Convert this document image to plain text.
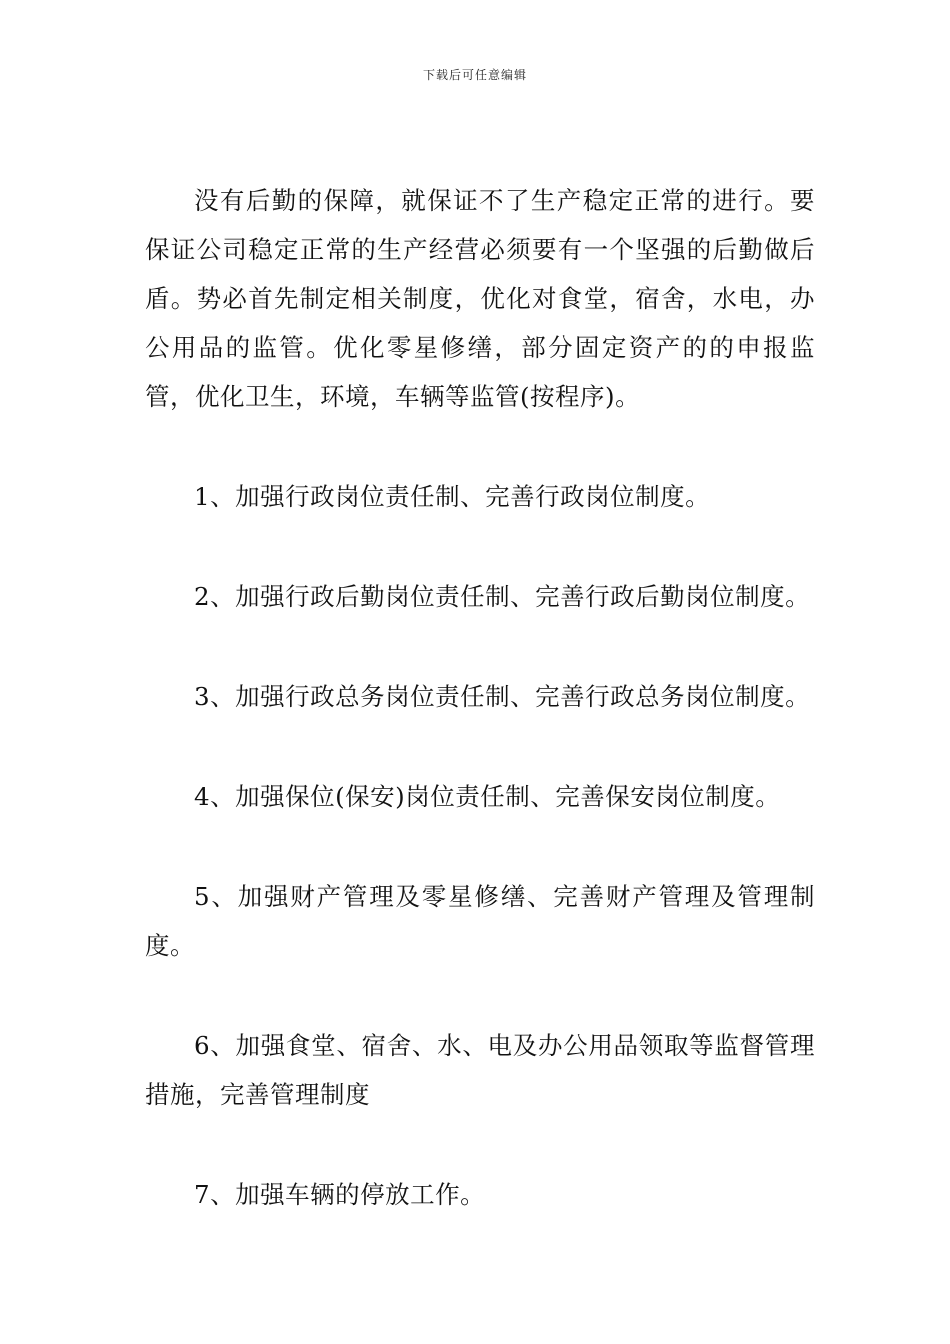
下载后可任意编辑

没有后勤的保障，就保证不了生产稳定正常的进行。要保证公司稳定正常的生产经营必须要有一个坚强的后勤做后盾。势必首先制定相关制度，优化对食堂，宿舍，水电，办公用品的监管。优化零星修缮，部分固定资产的的申报监管，优化卫生，环境，车辆等监管(按程序)。

1、加强行政岗位责任制、完善行政岗位制度。

2、加强行政后勤岗位责任制、完善行政后勤岗位制度。

3、加强行政总务岗位责任制、完善行政总务岗位制度。

4、加强保位(保安)岗位责任制、完善保安岗位制度。

5、加强财产管理及零星修缮、完善财产管理及管理制度。

6、加强食堂、宿舍、水、电及办公用品领取等监督管理措施，完善管理制度

7、加强车辆的停放工作。
